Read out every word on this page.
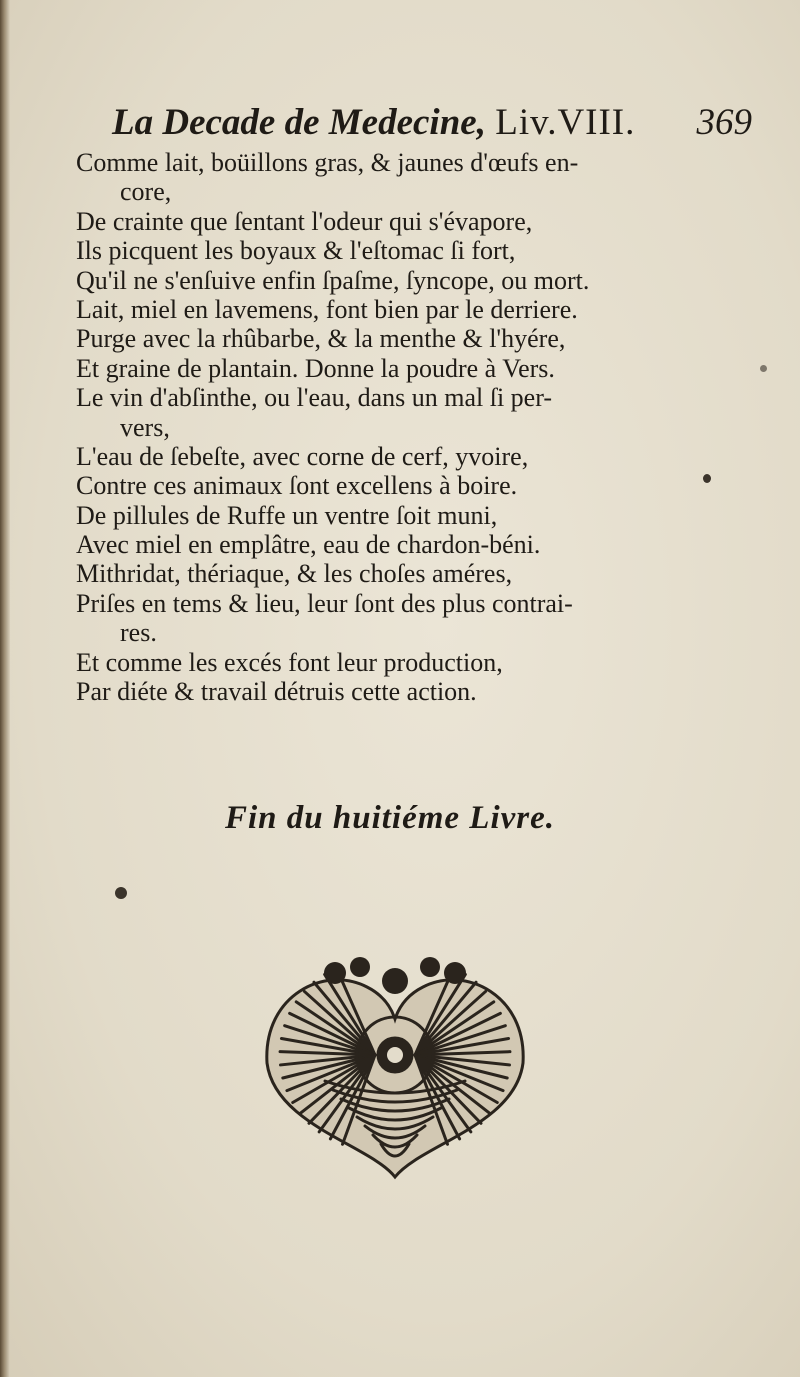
La Decade de Medecine, Liv.VIII. 369
Comme lait, boüillons gras, & jaunes d'œufs en-
core,
De crainte que ſentant l'odeur qui s'évapore,
Ils picquent les boyaux & l'eſtomac ſi fort,
Qu'il ne s'enſuive enfin ſpaſme, ſyncope, ou mort.
Lait, miel en lavemens, font bien par le derriere.
Purge avec la rhûbarbe, & la menthe & l'hyére,
Et graine de plantain. Donne la poudre à Vers.
Le vin d'abſinthe, ou l'eau, dans un mal ſi per-
vers,
L'eau de ſebeſte, avec corne de cerf, yvoire,
Contre ces animaux ſont excellens à boire.
De pillules de Ruffe un ventre ſoit muni,
Avec miel en emplâtre, eau de chardon-béni.
Mithridat, thériaque, & les choſes améres,
Priſes en tems & lieu, leur ſont des plus contrai-
res.
Et comme les excés font leur production,
Par diéte & travail détruis cette action.
Fin du huitiéme Livre.
